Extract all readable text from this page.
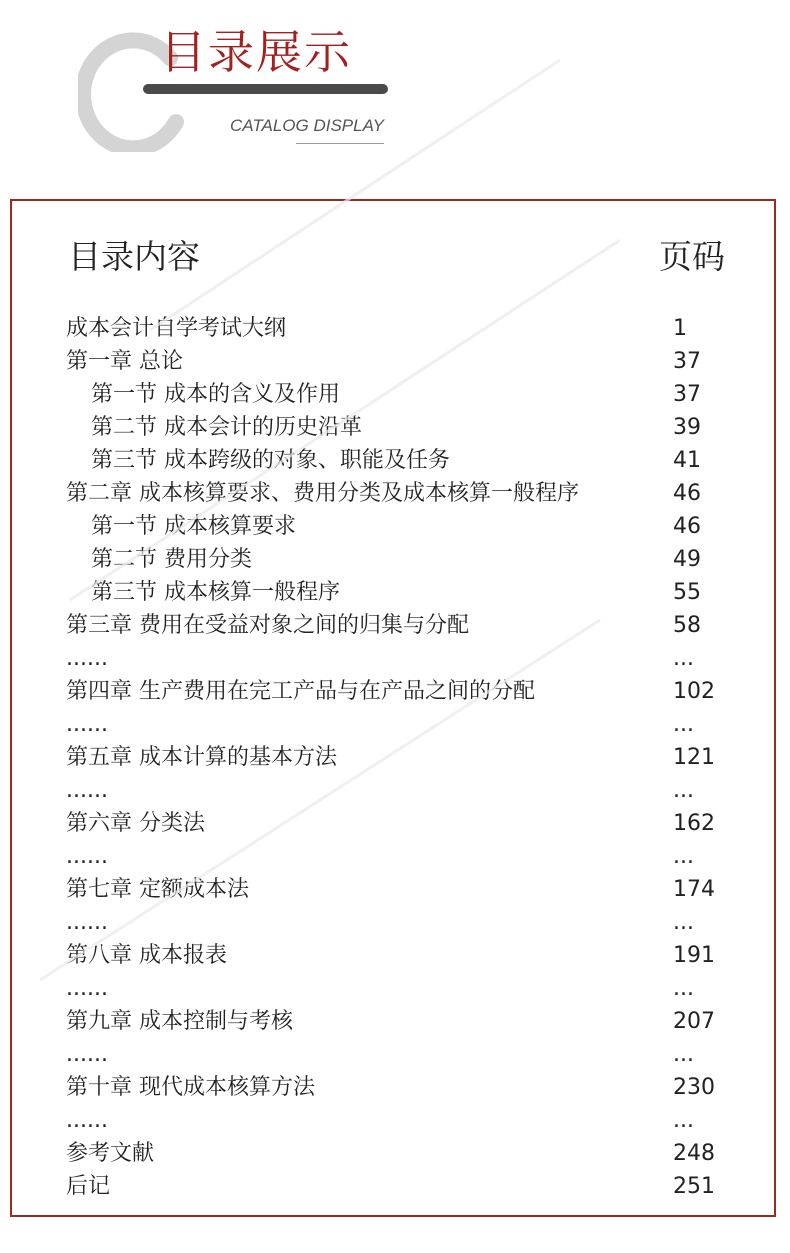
目录展示
CATALOG DISPLAY
目录内容	页码
成本会计自学考试大纲	1
第一章 总论	37
第一节 成本的含义及作用	37
第二节 成本会计的历史沿革	39
第三节 成本跨级的对象、职能及任务	41
第二章 成本核算要求、费用分类及成本核算一般程序	46
第一节 成本核算要求	46
第二节 费用分类	49
第三节 成本核算一般程序	55
第三章 费用在受益对象之间的归集与分配	58
......	...
第四章 生产费用在完工产品与在产品之间的分配	102
......	...
第五章 成本计算的基本方法	121
......	...
第六章 分类法	162
......	...
第七章 定额成本法	174
......	...
第八章 成本报表	191
......	...
第九章 成本控制与考核	207
......	...
第十章 现代成本核算方法	230
......	...
参考文献	248
后记	251
